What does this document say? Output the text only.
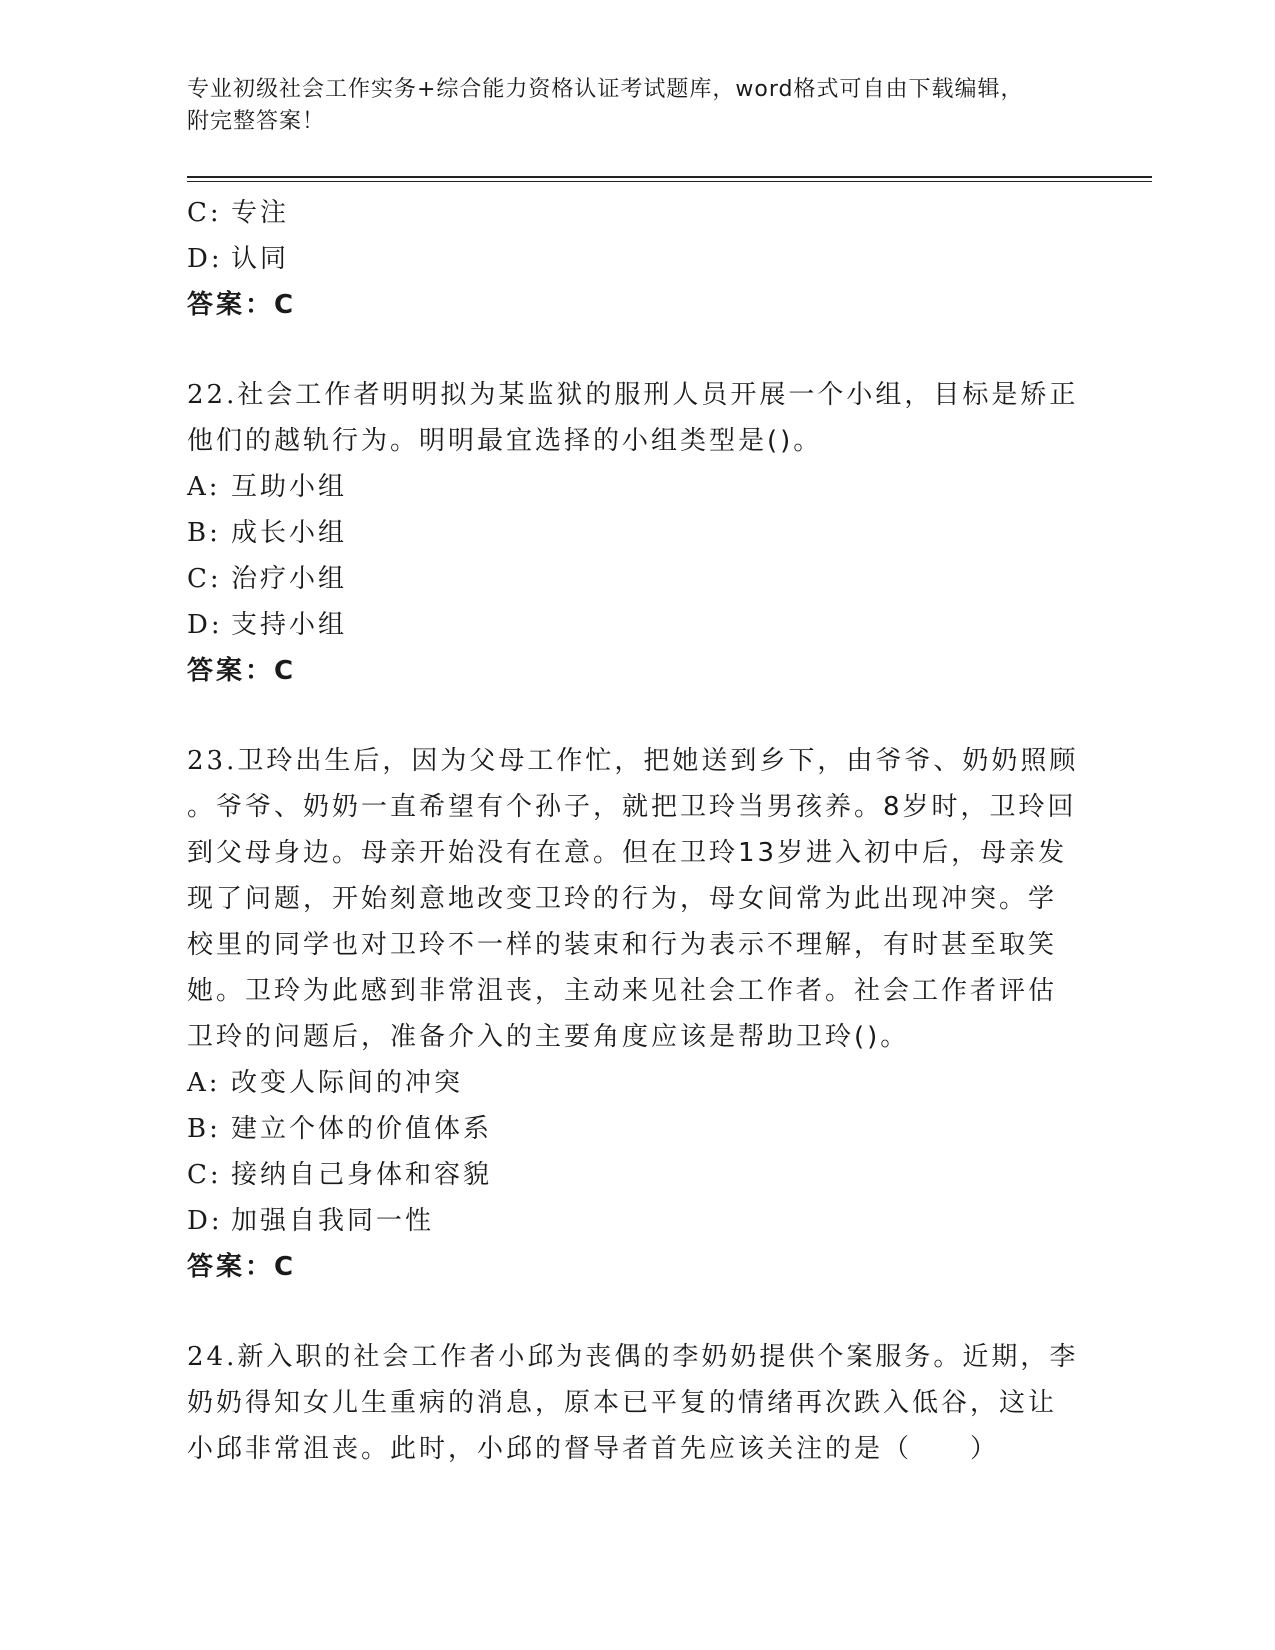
专业初级社会工作实务+综合能力资格认证考试题库，word格式可自由下载编辑，
附完整答案！
C: 专注
D: 认同
答案：C
22.社会工作者明明拟为某监狱的服刑人员开展一个小组，目标是矫正
他们的越轨行为。明明最宜选择的小组类型是()。
A: 互助小组
B: 成长小组
C: 治疗小组
D: 支持小组
答案：C
23.卫玲出生后，因为父母工作忙，把她送到乡下，由爷爷、奶奶照顾
。爷爷、奶奶一直希望有个孙子，就把卫玲当男孩养。8岁时，卫玲回
到父母身边。母亲开始没有在意。但在卫玲13岁进入初中后，母亲发
现了问题，开始刻意地改变卫玲的行为，母女间常为此出现冲突。学
校里的同学也对卫玲不一样的装束和行为表示不理解，有时甚至取笑
她。卫玲为此感到非常沮丧，主动来见社会工作者。社会工作者评估
卫玲的问题后，准备介入的主要角度应该是帮助卫玲()。
A: 改变人际间的冲突
B: 建立个体的价值体系
C: 接纳自己身体和容貌
D: 加强自我同一性
答案：C
24.新入职的社会工作者小邱为丧偶的李奶奶提供个案服务。近期，李
奶奶得知女儿生重病的消息，原本已平复的情绪再次跌入低谷，这让
小邱非常沮丧。此时，小邱的督导者首先应该关注的是（　　）
